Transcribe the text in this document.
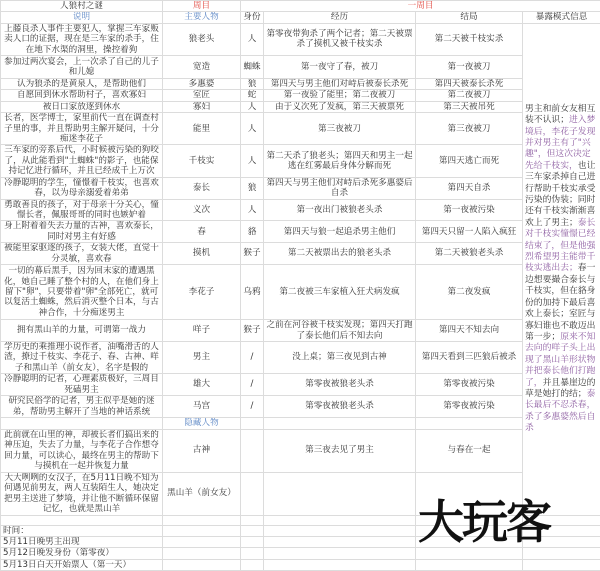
人狼村之谜	周目	一周目			
说明	主要人物	身份	经历	结局	暴露模式信息
上藤良杀人事件主要犯人，掌握三车家贩卖人口的证据，现在是三车家的杀手，住在地下水渠的洞里，操控着狗	狼老头	人	第零夜带狗杀了两个记者；第二天被票杀了摸机又被千枝实杀	第二天被千枝实杀	男主和前女友相互装不认识；进入梦境后，李花子发现并对男主有了"兴趣"，但这次决定先给千枝实，也让三车家杀掉自己进行帮助千枝实承受污染的伪装；同时还有千枝实渐渐喜欢上了男主；泰长对千枝实憧憬已经结束了，但是他强烈希望男主能带千枝实逃出去；春一边想要撮合泰长与千枝实，但在貉身份的加持下最后喜欢上泰长；室匠与寡妇谁也不敢迈出第一步；原来不知去向的咩子头上出现了黑山羊形状物并把泰长他们打跑了，并且暴崖边的草是她打的结；泰长最后不忍杀春，杀了多惠婆然后自杀
参加过两次宴会，上一次杀了自己的儿子和儿媳	宽造	蜘蛛	第一夜守了春，被刀	第一夜被刀	
认为狼杀的是黄泉人，是帮助他们	多惠婆	狼	第四天与男主他们对峙后被泰长杀死	第四天被泰长杀死	
自愿回到休水帮助村子，喜欢寡妇	室匠	蛇	第一夜验了能里；第二夜被刀	第二夜被刀	
被日口家放逐到休水	寡妇	人	由于义次死了发疯，第三天被票死	第三天被吊死	
长者，医学博士，家里前代一直在调查村子里的事，并且帮助男主解开疑问，十分痴迷李花子	能里	人	第三夜被刀	第三夜被刀	
三车家的旁系后代，小时候被污染的狗咬了，从此能看到"土蜘蛛"的影子，也能保持记忆进行循环，并且已经成千上万次	千枝实	人	第二天杀了狼老头；第四天和男主一起逃在红雾最后身体分解而死	第四天逃亡而死	
冷静聪明的学生，憧憬着千枝实，也喜欢春，以为母亲溺爱着弟弟	泰长	狼	第四天与男主他们对峙后杀死多惠婆后自杀	第四天自杀	
勇敢善良的孩子，对于母亲十分关心，憧憬长者，佩服哥哥的同时也嫉妒着	义次	人	第一夜出门被狼老头杀	第一夜被污染	
身上附着着失去力量的古神，喜欢泰长，同时对男主有好感	春	貉	第四天与狼一起追杀男主他们	第四天只留一人陷入疯狂	
被能里家驱逐的孩子，女装大佬，直觉十分灵敏，喜欢春	摸机	猴子	第二天被票出去的狼老头杀	第二天被狼老头杀	
一切的幕后黑手，因为回末家的遭遇黑化，她自己睡了整个村的人，在他们身上留下"卵"，只要带着"卵"全部死亡，就可以复活土蜘蛛，然后消灭整个日本，与古神合作，十分痴迷男主	李花子	乌鸦	第二夜被三车家植入狂犬病发疯	第二夜发疯	
拥有黑山羊的力量，可谓第一战力	咩子	猴子	之前在河谷被千枝实发现；第四天打跑了泰长他们后不知去向	第四天不知去向	
学历史的乘推理小说作者，油嘴滑舌的人渣，撩过千枝实、李花子、春、古神、咩子和黑山羊（前女友），名字是假的	男主	/	没上桌；第三夜见到古神	第四天看到三匹狼后被杀	
冷静聪明的记者，心理素质极好，三周目死磕男主	雄大	/	第零夜被狼老头杀	第零夜被污染	
研究民俗学的记者，男主似乎是她的迷弟，帮助男主解开了当地的神话系统	马宫	/	第零夜被狼老头杀	第零夜被污染	
	隐藏人物				
此前就在山里的神，却被长者们搞出来的神压迫，失去了力量，与李花子合作想夺回力量，可以读心，最终在男主的帮助下与摸机在一起并恢复力量	古神		第三夜去见了男主	与春在一起	
大大咧咧的女汉子，在5月11日晚不知为何遇见前男友，两人互装陌生人，她决定把男主送进了梦境，并让他不断循环保留记忆，也就是黑山羊	黑山羊（前女友）				

时间：					
5月11日晚男主出现					
5月12日晚发身份（第零夜）					
5月13日白天开始票人（第一天）					
大玩客
